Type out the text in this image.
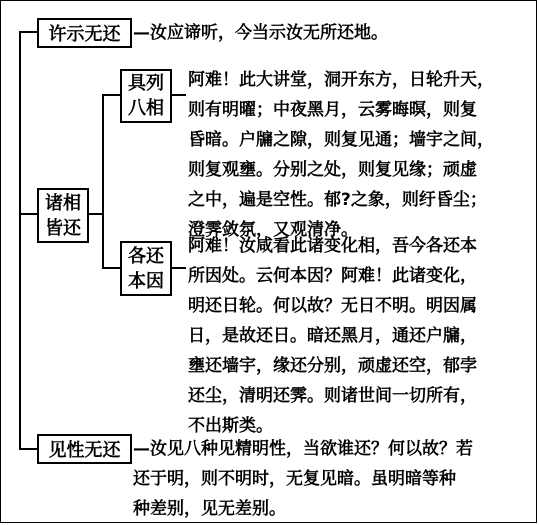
许示无还 —汝应谛听，今当示汝无所还地。
诸相
皆还
具列
八相
阿难！此大讲堂，洞开东方，日轮升天，
则有明曜；中夜黑月，云雾晦暝，则复
昏暗。户牖之隙，则复见通；墙宇之间，
则复观壅。分别之处，则复见缘；顽虚
之中，遍是空性。郁?之象，则纡昏尘；
澄霁敛氛，又观清净。
各还
本因
阿难！汝咸看此诸变化相，吾今各还本
所因处。云何本因？阿难！此诸变化，
明还日轮。何以故？无日不明。明因属
日，是故还日。暗还黑月，通还户牖，
壅还墙宇，缘还分别，顽虚还空，郁孛
还尘，清明还霁。则诸世间一切所有，
不出斯类。
见性无还 —汝见八种见精明性，当欲谁还？何以故？若
还于明，则不明时，无复见暗。虽明暗等种
种差别，见无差别。
